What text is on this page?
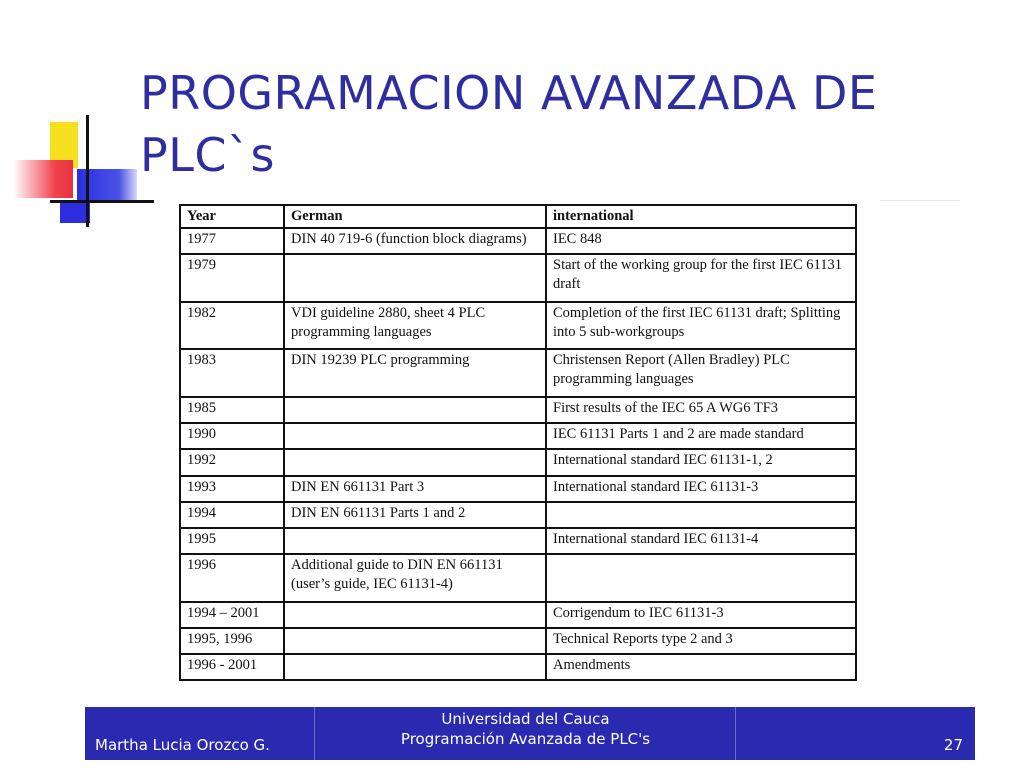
PROGRAMACION AVANZADA DE PLC`s
Year	German	international
1977	DIN 40 719-6 (function block diagrams)	IEC 848
1979		Start of the working group for the first IEC 61131 draft
1982	VDI guideline 2880, sheet 4 PLC programming languages	Completion of the first IEC 61131 draft; Splitting into 5 sub-workgroups
1983	DIN 19239 PLC programming	Christensen Report (Allen Bradley) PLC programming languages
1985		First results of the IEC 65 A WG6 TF3
1990		IEC 61131 Parts 1 and 2 are made standard
1992		International standard IEC 61131-1, 2
1993	DIN EN 661131 Part 3	International standard IEC 61131-3
1994	DIN EN 661131 Parts 1 and 2	
1995		International standard IEC 61131-4
1996	Additional guide to DIN EN 661131 (user’s guide, IEC 61131-4)	
1994 – 2001		Corrigendum to IEC 61131-3
1995, 1996		Technical Reports type 2 and 3
1996 - 2001		Amendments
Martha Lucia Orozco G.
Universidad del Cauca
Programación Avanzada de PLC's	27
